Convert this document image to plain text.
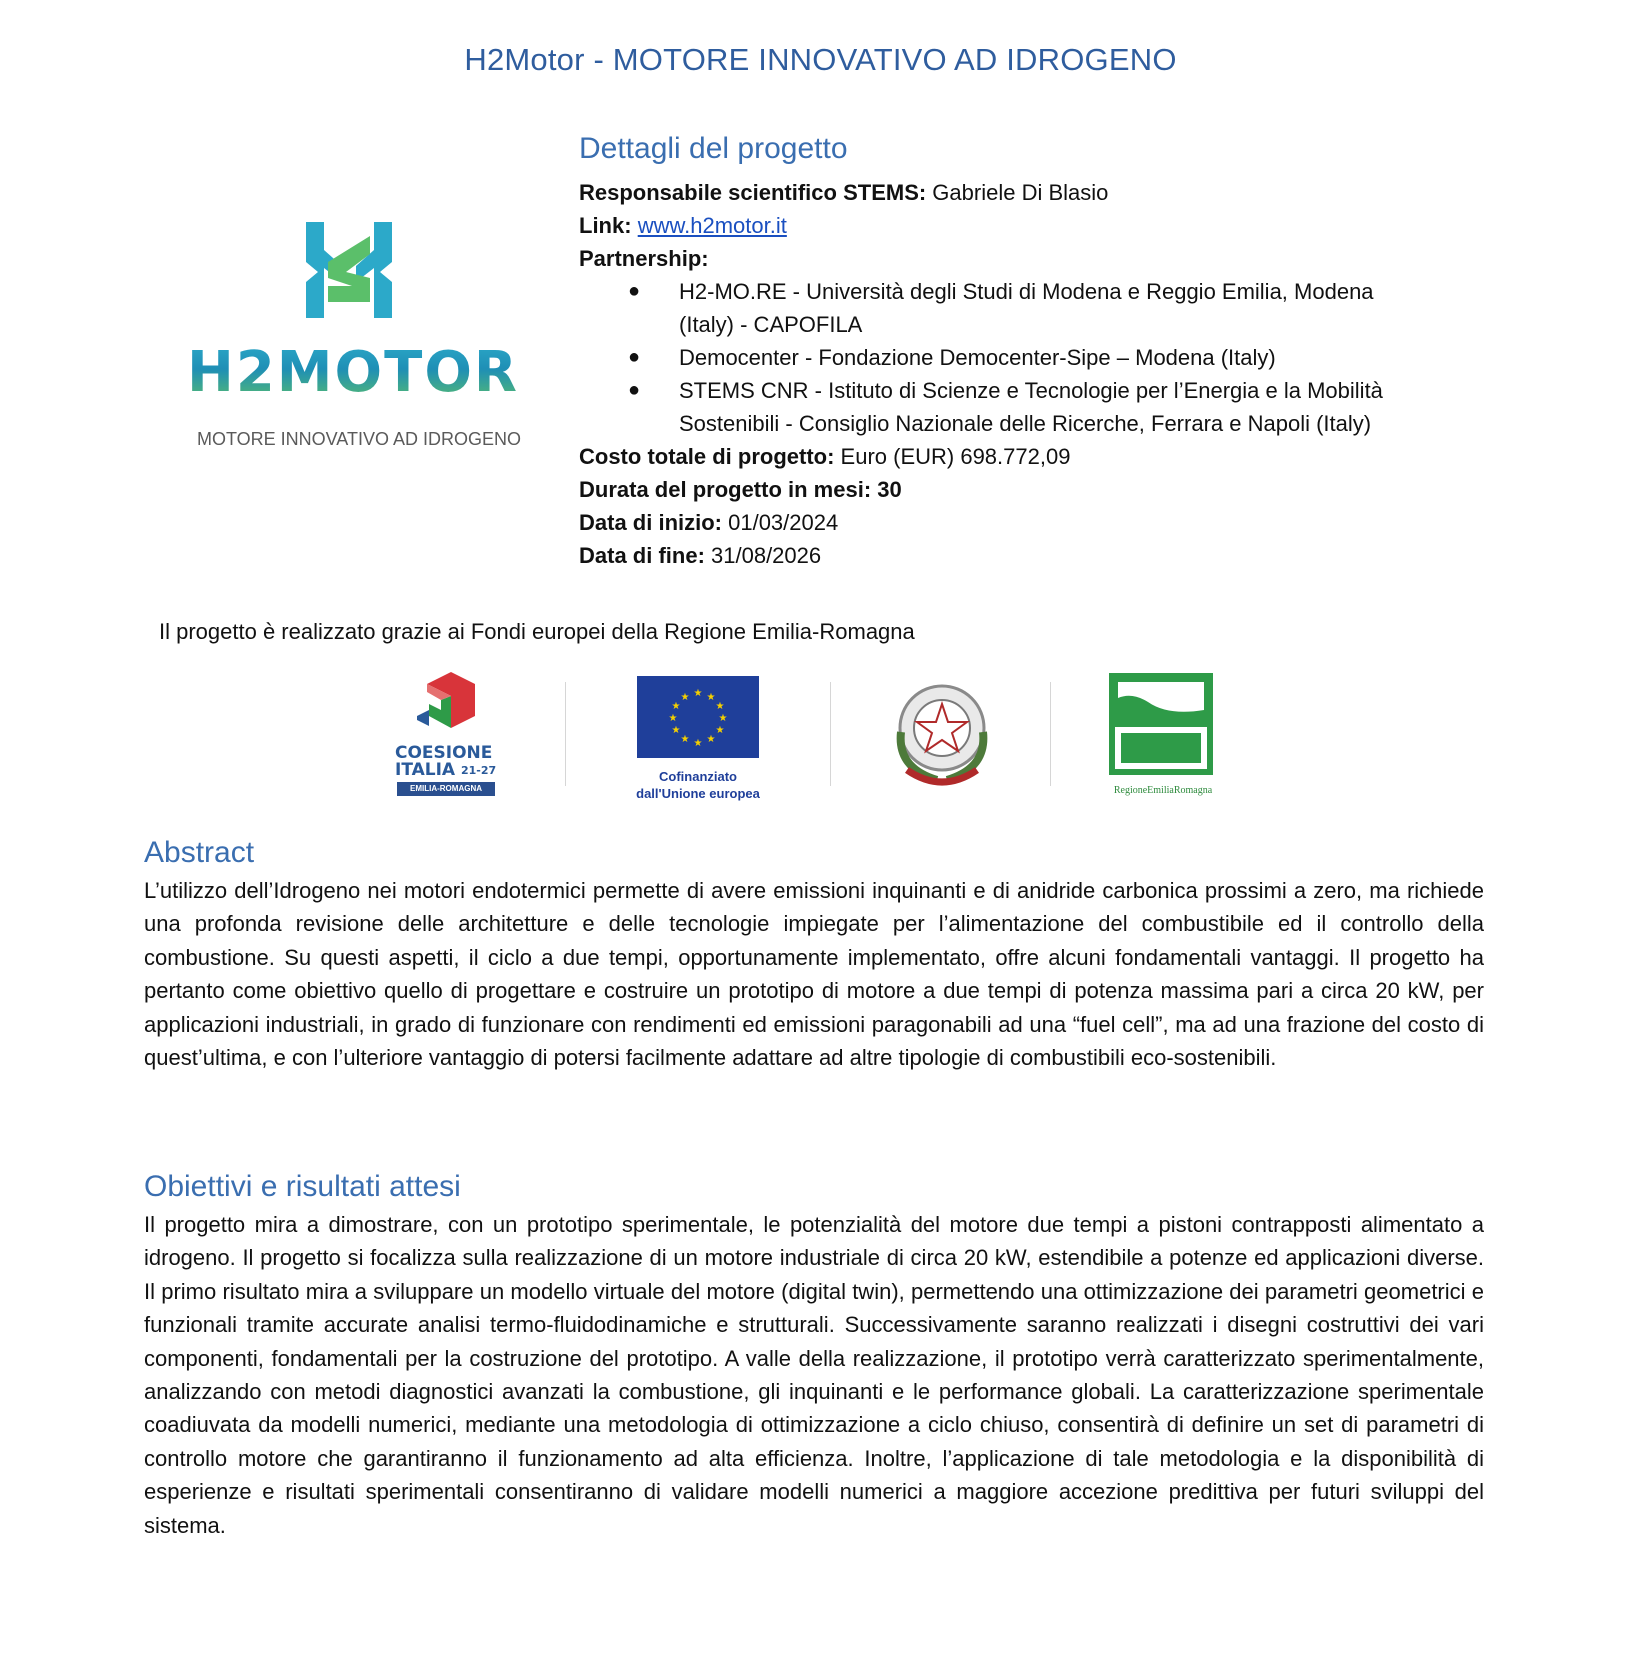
H2Motor - MOTORE INNOVATIVO AD IDROGENO
H2MOTOR
MOTORE INNOVATIVO AD IDROGENO
Dettagli del progetto
Responsabile scientifico STEMS: Gabriele Di Blasio
Link: www.h2motor.it
Partnership:
● H2-MO.RE - Università degli Studi di Modena e Reggio Emilia, Modena
(Italy) - CAPOFILA
● Democenter - Fondazione Democenter-Sipe – Modena (Italy)
● STEMS CNR - Istituto di Scienze e Tecnologie per l’Energia e la Mobilità
Sostenibili - Consiglio Nazionale delle Ricerche, Ferrara e Napoli (Italy)
Costo totale di progetto: Euro (EUR) 698.772,09
Durata del progetto in mesi: 30
Data di inizio: 01/03/2024
Data di fine: 31/08/2026
Il progetto è realizzato grazie ai Fondi europei della Regione Emilia-Romagna
COESIONE
ITALIA $^{21-27}$
EMILIA-ROMAGNA
★ ★
★
★
★
★
★
★
★
★
★
★
Cofinanziato
dall'Unione europea	RegioneEmiliaRomagna
Abstract

L’utilizzo dell’Idrogeno nei motori endotermici permette di avere emissioni inquinanti e di anidride carbonica prossimi a zero, ma richiede una profonda revisione delle architetture e delle tecnologie impiegate per l’alimentazione del combustibile ed il controllo della combustione. Su questi aspetti, il ciclo a due tempi, opportunamente implementato, offre alcuni fondamentali vantaggi. Il progetto ha pertanto come obiettivo quello di progettare e costruire un prototipo di motore a due tempi di potenza massima pari a circa 20 kW, per applicazioni industriali, in grado di funzionare con rendimenti ed emissioni paragonabili ad una “fuel cell”, ma ad una frazione del costo di quest’ultima, e con l’ulteriore vantaggio di potersi facilmente adattare ad altre tipologie di combustibili eco-sostenibili.

Obiettivi e risultati attesi

Il progetto mira a dimostrare, con un prototipo sperimentale, le potenzialità del motore due tempi a pistoni contrapposti alimentato a idrogeno. Il progetto si focalizza sulla realizzazione di un motore industriale di circa 20 kW, estendibile a potenze ed applicazioni diverse. Il primo risultato mira a sviluppare un modello virtuale del motore (digital twin), permettendo una ottimizzazione dei parametri geometrici e funzionali tramite accurate analisi termo-fluidodinamiche e strutturali. Successivamente saranno realizzati i disegni costruttivi dei vari componenti, fondamentali per la costruzione del prototipo. A valle della realizzazione, il prototipo verrà caratterizzato sperimentalmente, analizzando con metodi diagnostici avanzati la combustione, gli inquinanti e le performance globali. La caratterizzazione sperimentale coadiuvata da modelli numerici, mediante una metodologia di ottimizzazione a ciclo chiuso, consentirà di definire un set di parametri di controllo motore che garantiranno il funzionamento ad alta efficienza. Inoltre, l’applicazione di tale metodologia e la disponibilità di esperienze e risultati sperimentali consentiranno di validare modelli numerici a maggiore accezione predittiva per futuri sviluppi del sistema.
